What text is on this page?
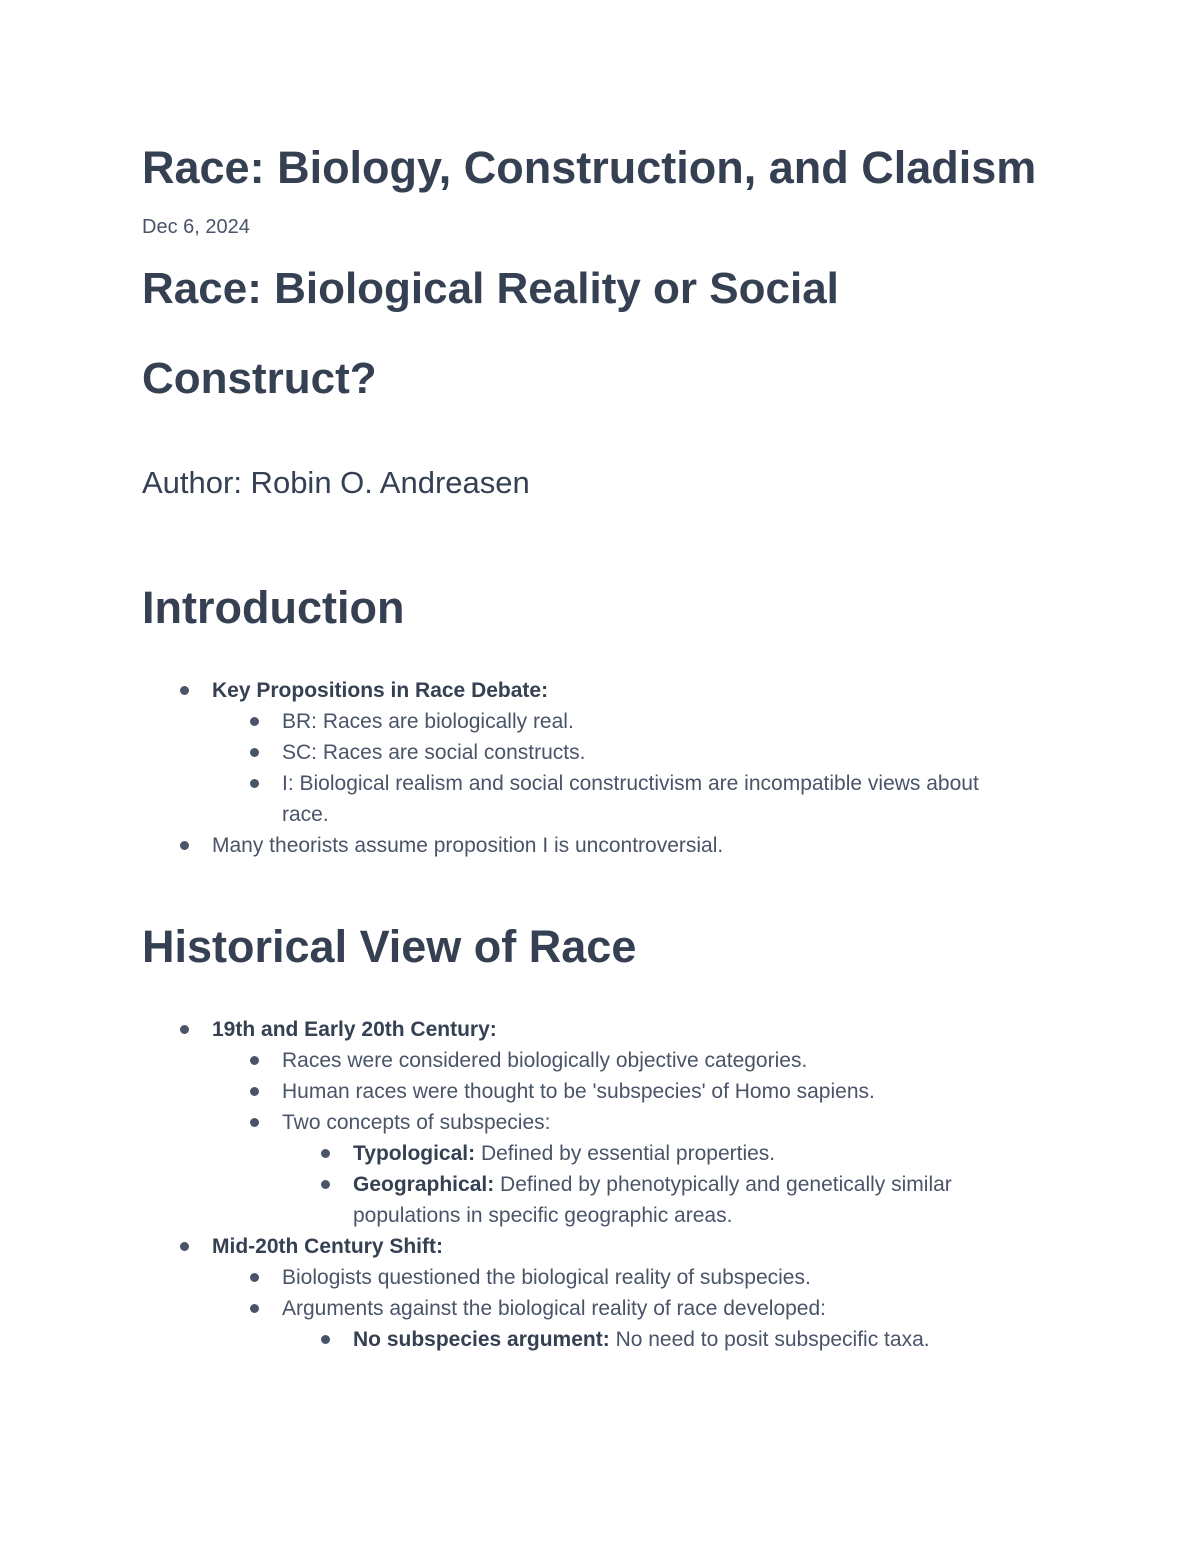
Race: Biology, Construction, and Cladism
Dec 6, 2024
Race: Biological Reality or Social Construct?
Author: Robin O. Andreasen
Introduction
Key Propositions in Race Debate:
BR: Races are biologically real.
SC: Races are social constructs.
I: Biological realism and social constructivism are incompatible views about race.
Many theorists assume proposition I is uncontroversial.
Historical View of Race
19th and Early 20th Century:
Races were considered biologically objective categories.
Human races were thought to be 'subspecies' of Homo sapiens.
Two concepts of subspecies:
Typological: Defined by essential properties.
Geographical: Defined by phenotypically and genetically similar populations in specific geographic areas.
Mid-20th Century Shift:
Biologists questioned the biological reality of subspecies.
Arguments against the biological reality of race developed:
No subspecies argument: No need to posit subspecific taxa.
